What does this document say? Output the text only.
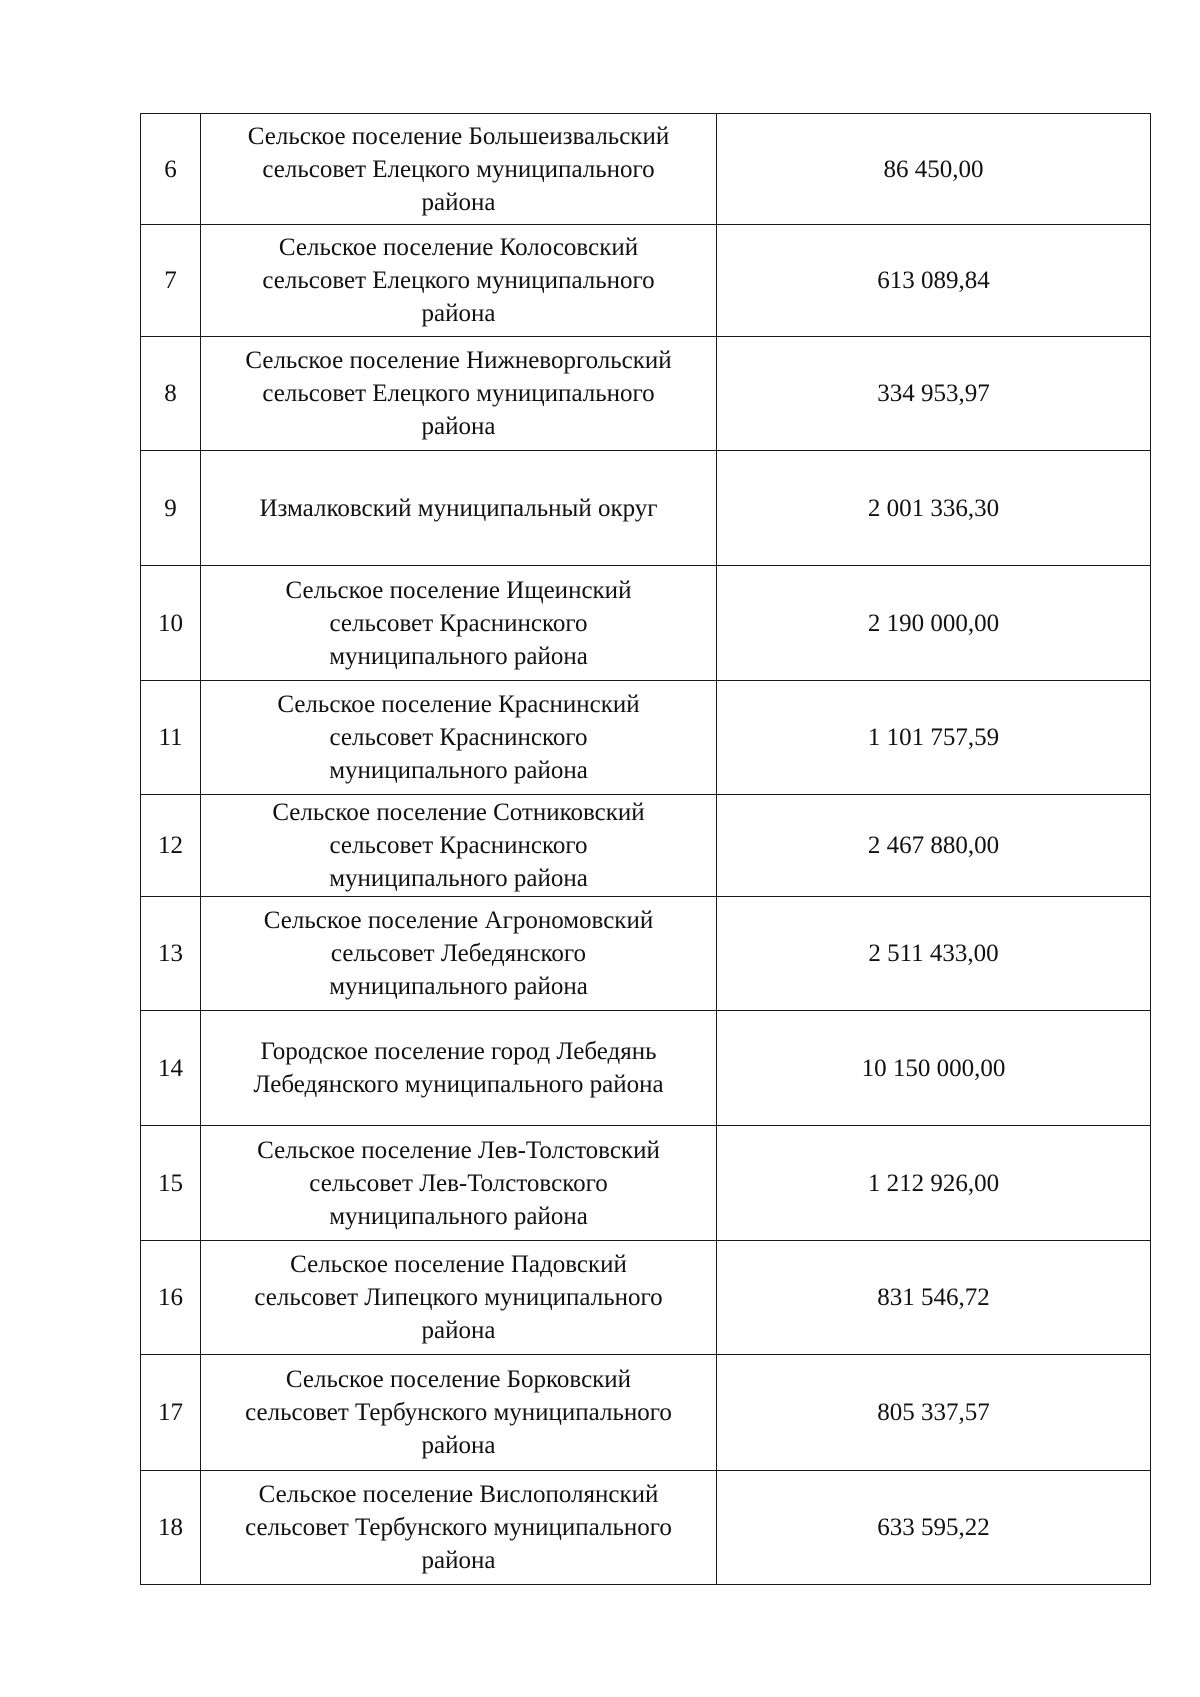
6	Сельское поселение Большеизвальский
сельсовет Елецкого муниципального
района	86 450,00
7	Сельское поселение Колосовский
сельсовет Елецкого муниципального
района	613 089,84
8	Сельское поселение Нижневоргольский
сельсовет Елецкого муниципального
района	334 953,97
9	Измалковский муниципальный округ	2 001 336,30
10	Сельское поселение Ищеинский
сельсовет Краснинского
муниципального района	2 190 000,00
11	Сельское поселение Краснинский
сельсовет Краснинского
муниципального района	1 101 757,59
12	Сельское поселение Сотниковский
сельсовет Краснинского
муниципального района	2 467 880,00
13	Сельское поселение Агрономовский
сельсовет Лебедянского
муниципального района	2 511 433,00
14	Городское поселение город Лебедянь
Лебедянского муниципального района	10 150 000,00
15	Сельское поселение Лев-Толстовский
сельсовет Лев-Толстовского
муниципального района	1 212 926,00
16	Сельское поселение Падовский
сельсовет Липецкого муниципального
района	831 546,72
17	Сельское поселение Борковский
сельсовет Тербунского муниципального
района	805 337,57
18	Сельское поселение Вислополянский
сельсовет Тербунского муниципального
района	633 595,22
